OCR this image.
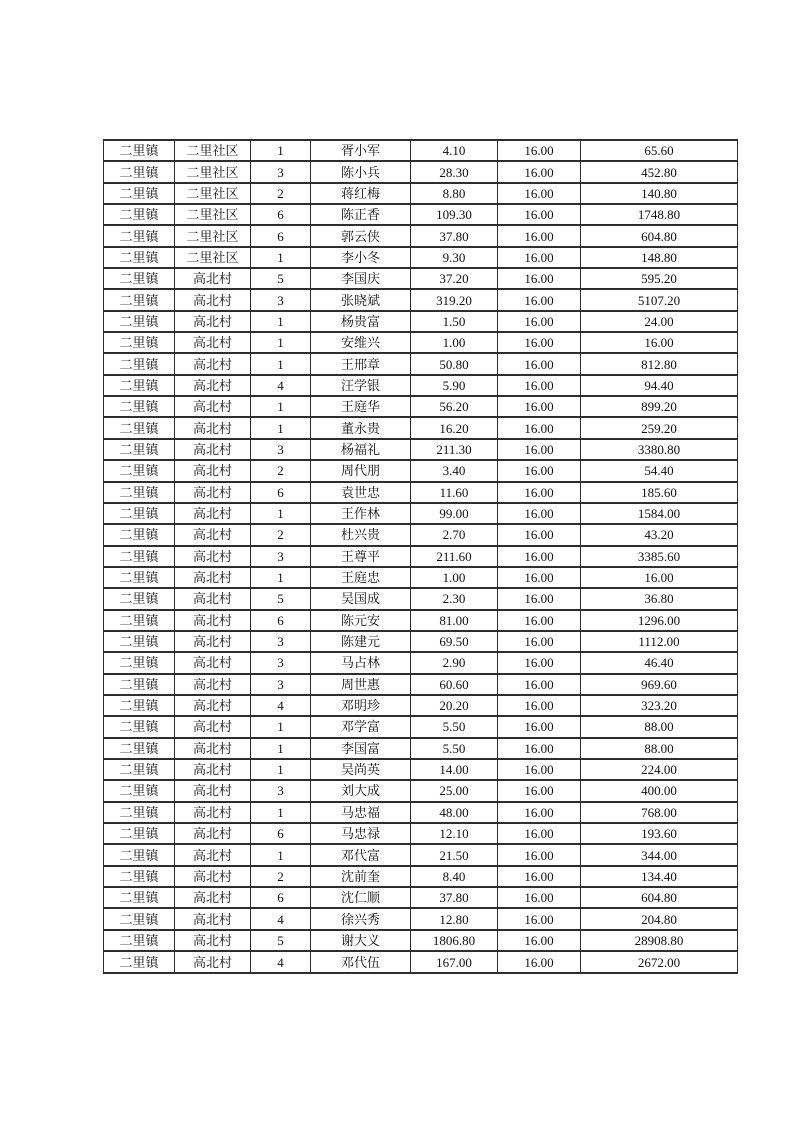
二里镇	二里社区	1	胥小军	4.10	16.00	65.60
二里镇	二里社区	3	陈小兵	28.30	16.00	452.80
二里镇	二里社区	2	蒋红梅	8.80	16.00	140.80
二里镇	二里社区	6	陈正香	109.30	16.00	1748.80
二里镇	二里社区	6	郭云侠	37.80	16.00	604.80
二里镇	二里社区	1	李小冬	9.30	16.00	148.80
二里镇	高北村	5	李国庆	37.20	16.00	595.20
二里镇	高北村	3	张晓斌	319.20	16.00	5107.20
二里镇	高北村	1	杨贵富	1.50	16.00	24.00
二里镇	高北村	1	安维兴	1.00	16.00	16.00
二里镇	高北村	1	王邢章	50.80	16.00	812.80
二里镇	高北村	4	汪学银	5.90	16.00	94.40
二里镇	高北村	1	王庭华	56.20	16.00	899.20
二里镇	高北村	1	董永贵	16.20	16.00	259.20
二里镇	高北村	3	杨福礼	211.30	16.00	3380.80
二里镇	高北村	2	周代朋	3.40	16.00	54.40
二里镇	高北村	6	袁世忠	11.60	16.00	185.60
二里镇	高北村	1	王作林	99.00	16.00	1584.00
二里镇	高北村	2	杜兴贵	2.70	16.00	43.20
二里镇	高北村	3	王尊平	211.60	16.00	3385.60
二里镇	高北村	1	王庭忠	1.00	16.00	16.00
二里镇	高北村	5	吴国成	2.30	16.00	36.80
二里镇	高北村	6	陈元安	81.00	16.00	1296.00
二里镇	高北村	3	陈建元	69.50	16.00	1112.00
二里镇	高北村	3	马占林	2.90	16.00	46.40
二里镇	高北村	3	周世惠	60.60	16.00	969.60
二里镇	高北村	4	邓明珍	20.20	16.00	323.20
二里镇	高北村	1	邓学富	5.50	16.00	88.00
二里镇	高北村	1	李国富	5.50	16.00	88.00
二里镇	高北村	1	吴尚英	14.00	16.00	224.00
二里镇	高北村	3	刘大成	25.00	16.00	400.00
二里镇	高北村	1	马忠福	48.00	16.00	768.00
二里镇	高北村	6	马忠禄	12.10	16.00	193.60
二里镇	高北村	1	邓代富	21.50	16.00	344.00
二里镇	高北村	2	沈前奎	8.40	16.00	134.40
二里镇	高北村	6	沈仁顺	37.80	16.00	604.80
二里镇	高北村	4	徐兴秀	12.80	16.00	204.80
二里镇	高北村	5	谢大义	1806.80	16.00	28908.80
二里镇	高北村	4	邓代伍	167.00	16.00	2672.00
